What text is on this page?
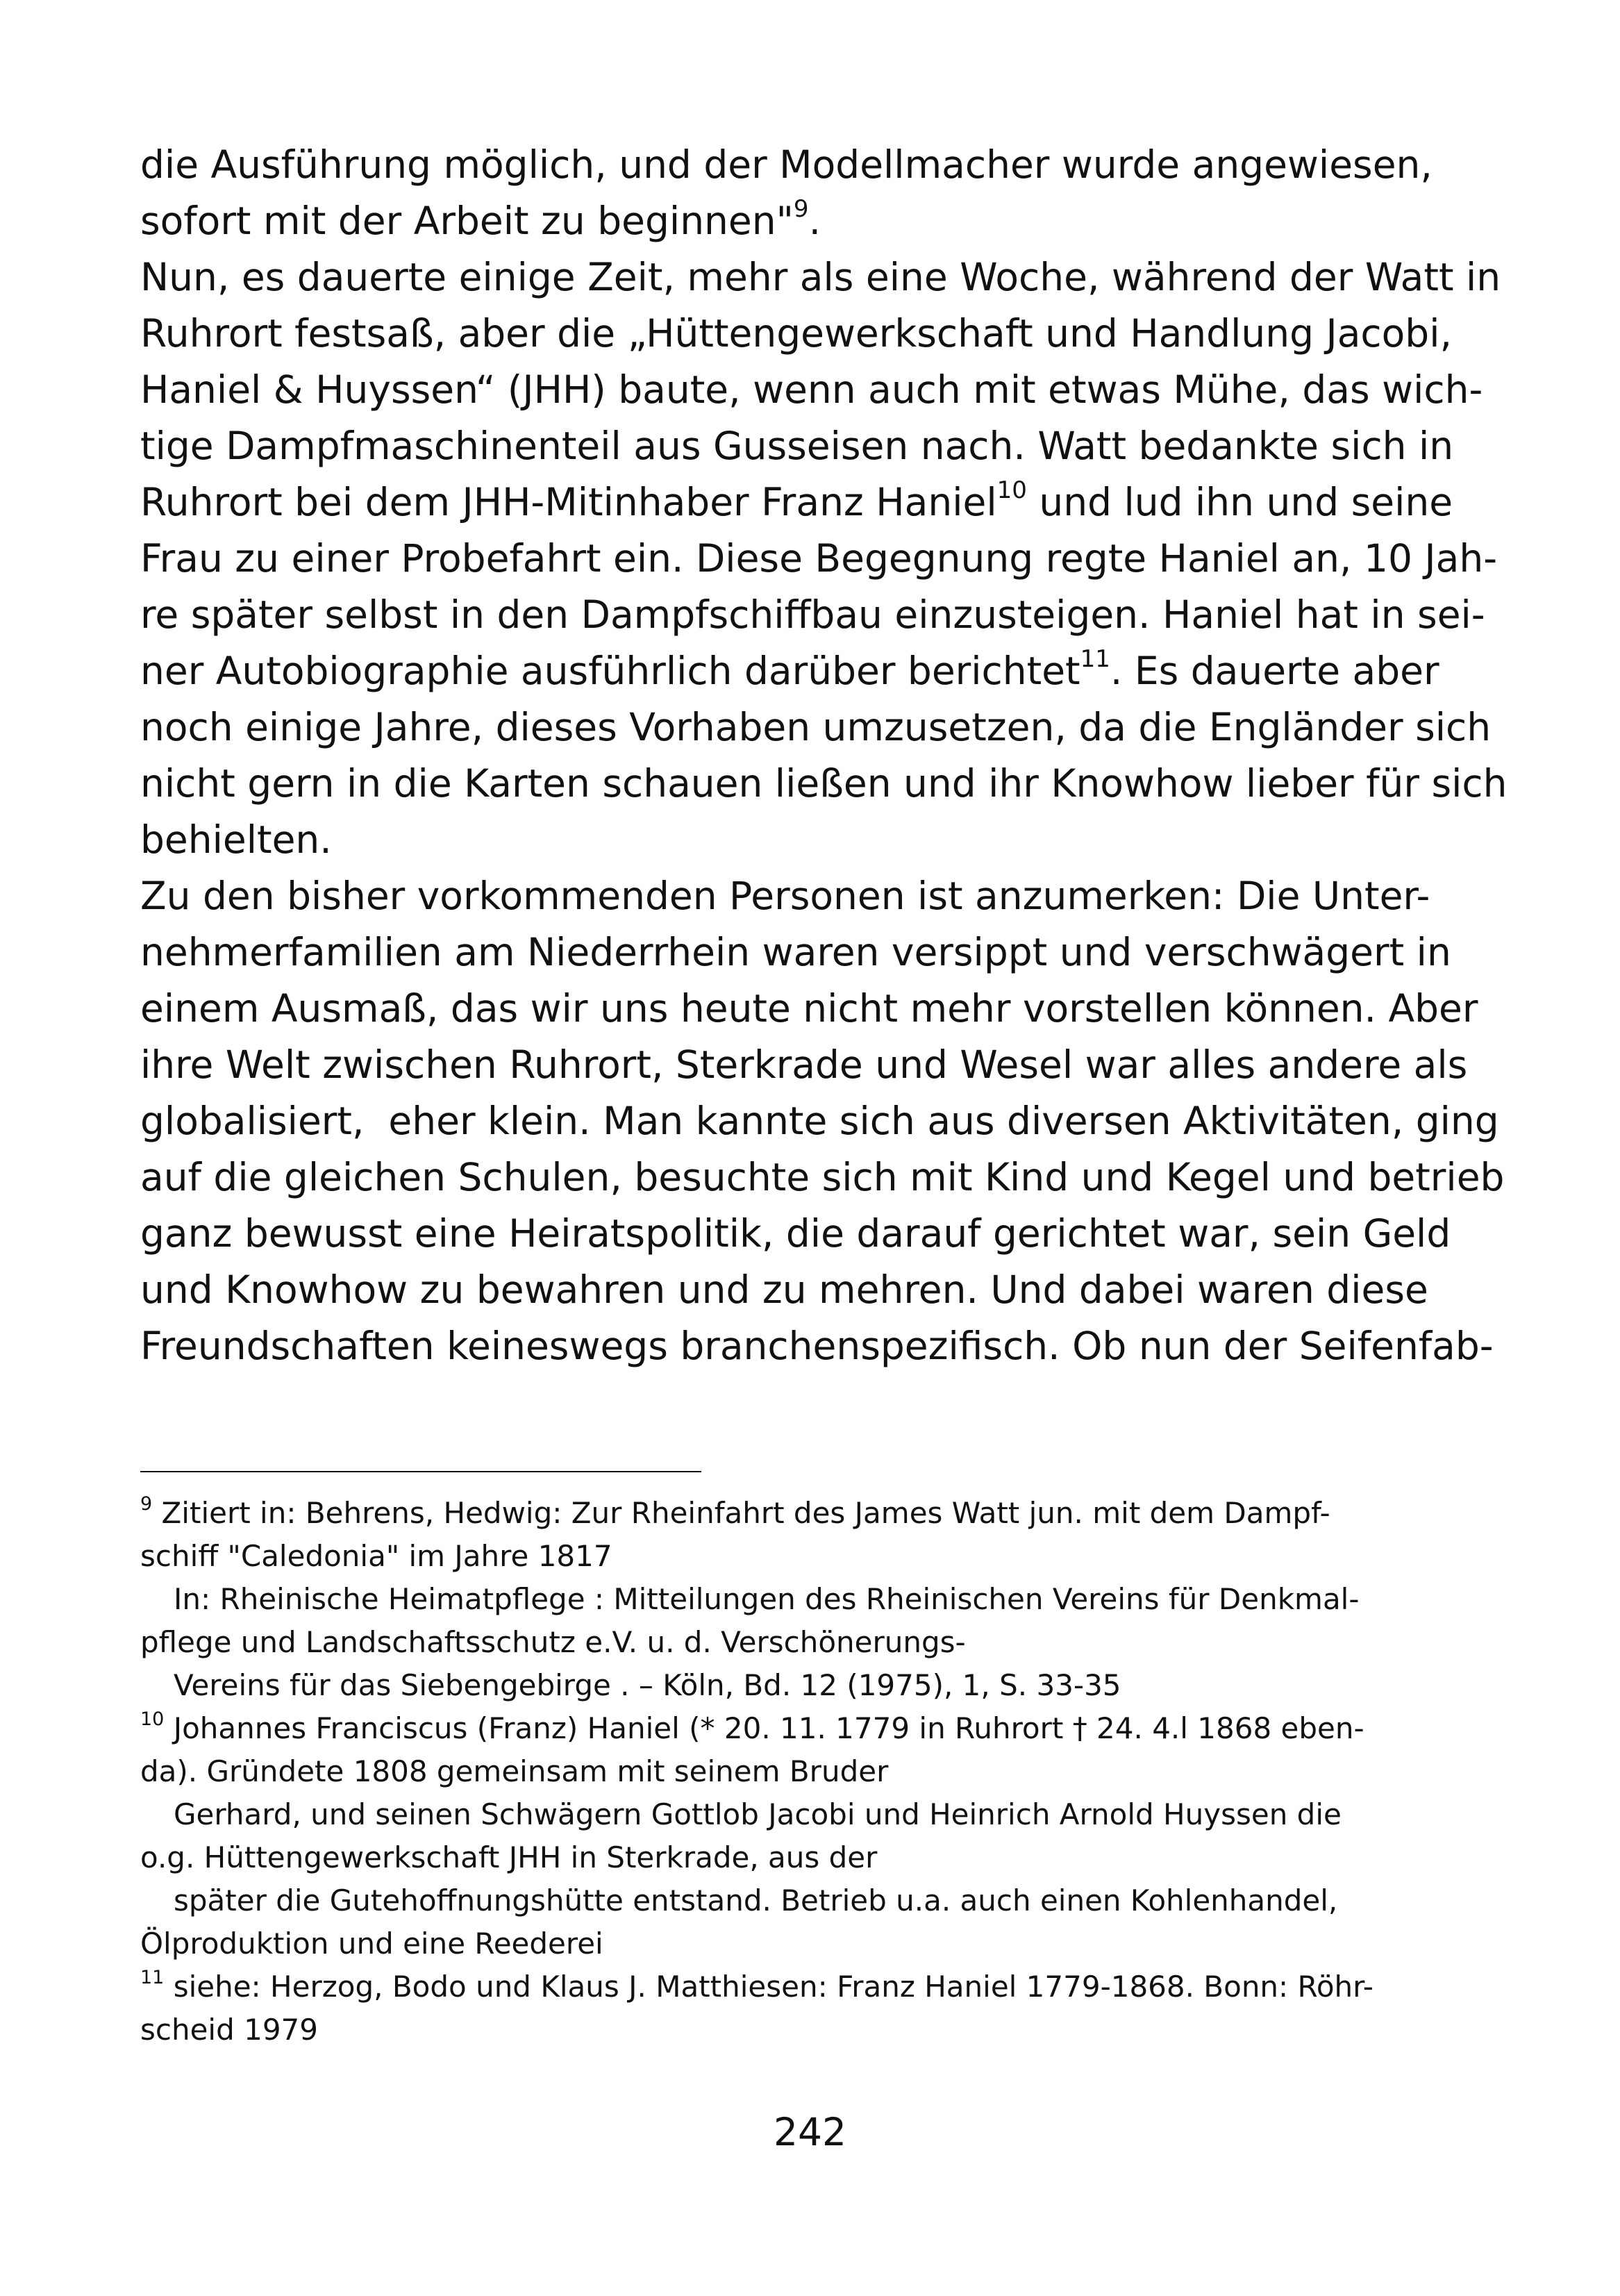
die Ausführung möglich, und der Modellmacher wurde angewiesen,
sofort mit der Arbeit zu beginnen"$^9$.
Nun, es dauerte einige Zeit, mehr als eine Woche, während der Watt in
Ruhrort festsaß, aber die „Hüttengewerkschaft und Handlung Jacobi,
Haniel & Huyssen“ (JHH) baute, wenn auch mit etwas Mühe, das wich-
tige Dampfmaschinenteil aus Gusseisen nach. Watt bedankte sich in
Ruhrort bei dem JHH-Mitinhaber Franz Haniel$^{10}$ und lud ihn und seine
Frau zu einer Probefahrt ein. Diese Begegnung regte Haniel an, 10 Jah-
re später selbst in den Dampfschiffbau einzusteigen. Haniel hat in sei-
ner Autobiographie ausführlich darüber berichtet$^{11}$. Es dauerte aber
noch einige Jahre, dieses Vorhaben umzusetzen, da die Engländer sich
nicht gern in die Karten schauen ließen und ihr Knowhow lieber für sich
behielten.
Zu den bisher vorkommenden Personen ist anzumerken: Die Unter-
nehmerfamilien am Niederrhein waren versippt und verschwägert in
einem Ausmaß, das wir uns heute nicht mehr vorstellen können. Aber
ihre Welt zwischen Ruhrort, Sterkrade und Wesel war alles andere als
globalisiert,  eher klein. Man kannte sich aus diversen Aktivitäten, ging
auf die gleichen Schulen, besuchte sich mit Kind und Kegel und betrieb
ganz bewusst eine Heiratspolitik, die darauf gerichtet war, sein Geld
und Knowhow zu bewahren und zu mehren. Und dabei waren diese
Freundschaften keineswegs branchenspezifisch. Ob nun der Seifenfab-
$^9$ Zitiert in: Behrens, Hedwig: Zur Rheinfahrt des James Watt jun. mit dem Dampf-
schiff "Caledonia" im Jahre 1817
In: Rheinische Heimatpflege : Mitteilungen des Rheinischen Vereins für Denkmal-
pflege und Landschaftsschutz e.V. u. d. Verschönerungs-
Vereins für das Siebengebirge . – Köln, Bd. 12 (1975), 1, S. 33-35
$^{10}$ Johannes Franciscus (Franz) Haniel (* 20. 11. 1779 in Ruhrort † 24. 4.l 1868 eben-
da). Gründete 1808 gemeinsam mit seinem Bruder
Gerhard, und seinen Schwägern Gottlob Jacobi und Heinrich Arnold Huyssen die
o.g. Hüttengewerkschaft JHH in Sterkrade, aus der
später die Gutehoffnungshütte entstand. Betrieb u.a. auch einen Kohlenhandel,
Ölproduktion und eine Reederei
$^{11}$ siehe: Herzog, Bodo und Klaus J. Matthiesen: Franz Haniel 1779-1868. Bonn: Röhr-
scheid 1979
242
